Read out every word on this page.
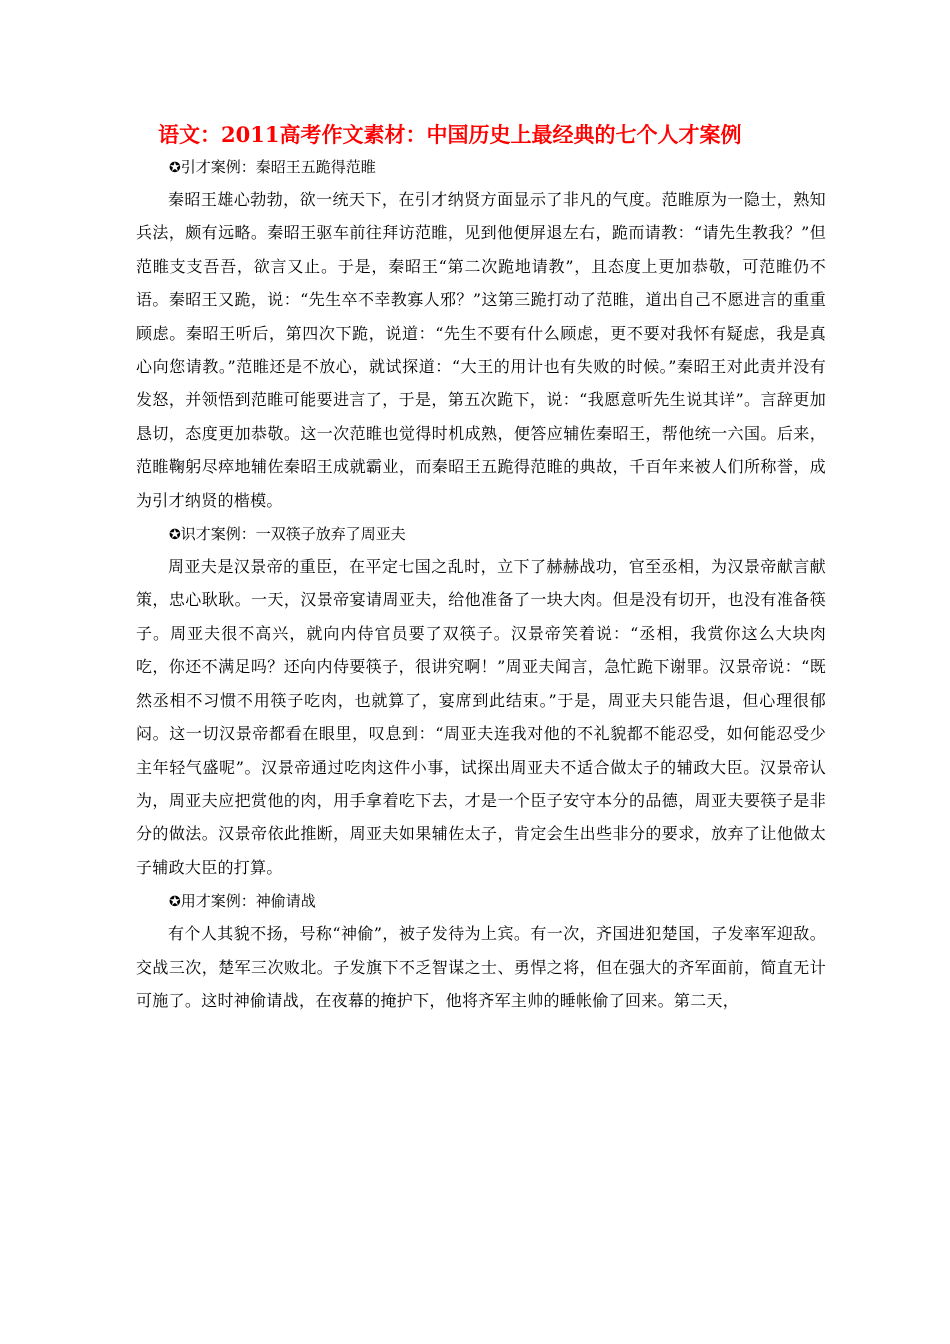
语文：2011高考作文素材：中国历史上最经典的七个人才案例
✪引才案例：秦昭王五跪得范睢

秦昭王雄心勃勃，欲一统天下，在引才纳贤方面显示了非凡的气度。范睢原为一隐士，熟知兵法，颇有远略。秦昭王驱车前往拜访范睢，见到他便屏退左右，跪而请教：“请先生教我？”但范睢支支吾吾，欲言又止。于是，秦昭王“第二次跪地请教”，且态度上更加恭敬，可范睢仍不语。秦昭王又跪，说：“先生卒不幸教寡人邪？”这第三跪打动了范睢，道出自己不愿进言的重重顾虑。秦昭王听后，第四次下跪，说道：“先生不要有什么顾虑，更不要对我怀有疑虑，我是真心向您请教。”范睢还是不放心，就试探道：“大王的用计也有失败的时候。”秦昭王对此责并没有发怒，并领悟到范睢可能要进言了，于是，第五次跪下，说：“我愿意听先生说其详”。言辞更加恳切，态度更加恭敬。这一次范睢也觉得时机成熟，便答应辅佐秦昭王，帮他统一六国。后来，范睢鞠躬尽瘁地辅佐秦昭王成就霸业，而秦昭王五跪得范睢的典故，千百年来被人们所称誉，成为引才纳贤的楷模。

✪识才案例：一双筷子放弃了周亚夫

周亚夫是汉景帝的重臣，在平定七国之乱时，立下了赫赫战功，官至丞相，为汉景帝献言献策，忠心耿耿。一天，汉景帝宴请周亚夫，给他准备了一块大肉。但是没有切开，也没有准备筷子。周亚夫很不高兴，就向内侍官员要了双筷子。汉景帝笑着说：“丞相，我赏你这么大块肉吃，你还不满足吗？还向内侍要筷子，很讲究啊！”周亚夫闻言，急忙跪下谢罪。汉景帝说：“既然丞相不习惯不用筷子吃肉，也就算了，宴席到此结束。”于是，周亚夫只能告退，但心理很郁闷。这一切汉景帝都看在眼里，叹息到：“周亚夫连我对他的不礼貌都不能忍受，如何能忍受少主年轻气盛呢”。汉景帝通过吃肉这件小事，试探出周亚夫不适合做太子的辅政大臣。汉景帝认为，周亚夫应把赏他的肉，用手拿着吃下去，才是一个臣子安守本分的品德，周亚夫要筷子是非分的做法。汉景帝依此推断，周亚夫如果辅佐太子，肯定会生出些非分的要求，放弃了让他做太子辅政大臣的打算。

✪用才案例：神偷请战

有个人其貌不扬，号称“神偷”，被子发待为上宾。有一次，齐国进犯楚国，子发率军迎敌。交战三次，楚军三次败北。子发旗下不乏智谋之士、勇悍之将，但在强大的齐军面前，简直无计可施了。这时神偷请战，在夜幕的掩护下，他将齐军主帅的睡帐偷了回来。第二天，
